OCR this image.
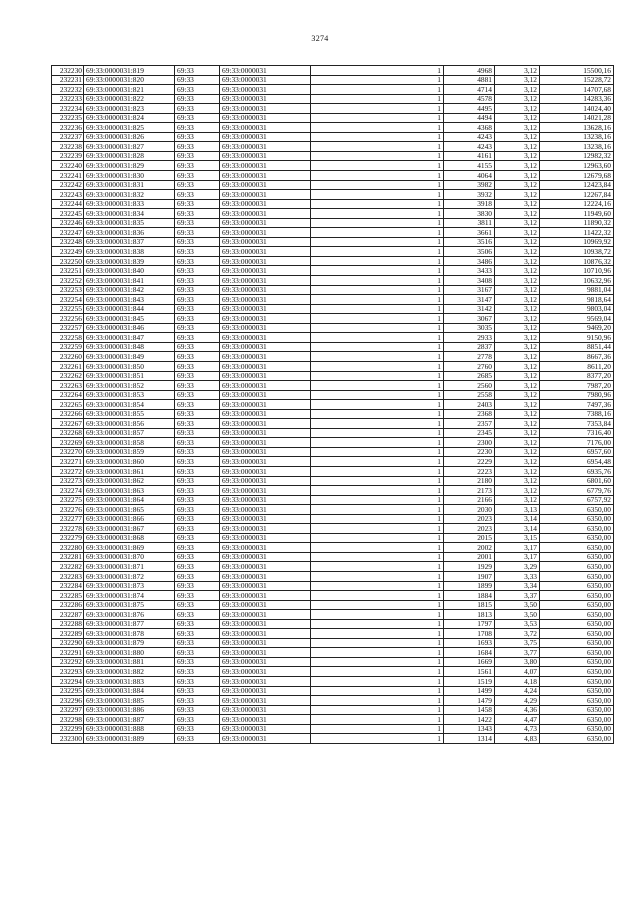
3274
232230	69:33:0000031:819	69:33	69:33:0000031	1	4968	3,12	15500,16
232231	69:33:0000031:820	69:33	69:33:0000031	1	4881	3,12	15228,72
232232	69:33:0000031:821	69:33	69:33:0000031	1	4714	3,12	14707,68
232233	69:33:0000031:822	69:33	69:33:0000031	1	4578	3,12	14283,36
232234	69:33:0000031:823	69:33	69:33:0000031	1	4495	3,12	14024,40
232235	69:33:0000031:824	69:33	69:33:0000031	1	4494	3,12	14021,28
232236	69:33:0000031:825	69:33	69:33:0000031	1	4368	3,12	13628,16
232237	69:33:0000031:826	69:33	69:33:0000031	1	4243	3,12	13238,16
232238	69:33:0000031:827	69:33	69:33:0000031	1	4243	3,12	13238,16
232239	69:33:0000031:828	69:33	69:33:0000031	1	4161	3,12	12982,32
232240	69:33:0000031:829	69:33	69:33:0000031	1	4155	3,12	12963,60
232241	69:33:0000031:830	69:33	69:33:0000031	1	4064	3,12	12679,68
232242	69:33:0000031:831	69:33	69:33:0000031	1	3982	3,12	12423,84
232243	69:33:0000031:832	69:33	69:33:0000031	1	3932	3,12	12267,84
232244	69:33:0000031:833	69:33	69:33:0000031	1	3918	3,12	12224,16
232245	69:33:0000031:834	69:33	69:33:0000031	1	3830	3,12	11949,60
232246	69:33:0000031:835	69:33	69:33:0000031	1	3811	3,12	11890,32
232247	69:33:0000031:836	69:33	69:33:0000031	1	3661	3,12	11422,32
232248	69:33:0000031:837	69:33	69:33:0000031	1	3516	3,12	10969,92
232249	69:33:0000031:838	69:33	69:33:0000031	1	3506	3,12	10938,72
232250	69:33:0000031:839	69:33	69:33:0000031	1	3486	3,12	10876,32
232251	69:33:0000031:840	69:33	69:33:0000031	1	3433	3,12	10710,96
232252	69:33:0000031:841	69:33	69:33:0000031	1	3408	3,12	10632,96
232253	69:33:0000031:842	69:33	69:33:0000031	1	3167	3,12	9881,04
232254	69:33:0000031:843	69:33	69:33:0000031	1	3147	3,12	9818,64
232255	69:33:0000031:844	69:33	69:33:0000031	1	3142	3,12	9803,04
232256	69:33:0000031:845	69:33	69:33:0000031	1	3067	3,12	9569,04
232257	69:33:0000031:846	69:33	69:33:0000031	1	3035	3,12	9469,20
232258	69:33:0000031:847	69:33	69:33:0000031	1	2933	3,12	9150,96
232259	69:33:0000031:848	69:33	69:33:0000031	1	2837	3,12	8851,44
232260	69:33:0000031:849	69:33	69:33:0000031	1	2778	3,12	8667,36
232261	69:33:0000031:850	69:33	69:33:0000031	1	2760	3,12	8611,20
232262	69:33:0000031:851	69:33	69:33:0000031	1	2685	3,12	8377,20
232263	69:33:0000031:852	69:33	69:33:0000031	1	2560	3,12	7987,20
232264	69:33:0000031:853	69:33	69:33:0000031	1	2558	3,12	7980,96
232265	69:33:0000031:854	69:33	69:33:0000031	1	2403	3,12	7497,36
232266	69:33:0000031:855	69:33	69:33:0000031	1	2368	3,12	7388,16
232267	69:33:0000031:856	69:33	69:33:0000031	1	2357	3,12	7353,84
232268	69:33:0000031:857	69:33	69:33:0000031	1	2345	3,12	7316,40
232269	69:33:0000031:858	69:33	69:33:0000031	1	2300	3,12	7176,00
232270	69:33:0000031:859	69:33	69:33:0000031	1	2230	3,12	6957,60
232271	69:33:0000031:860	69:33	69:33:0000031	1	2229	3,12	6954,48
232272	69:33:0000031:861	69:33	69:33:0000031	1	2223	3,12	6935,76
232273	69:33:0000031:862	69:33	69:33:0000031	1	2180	3,12	6801,60
232274	69:33:0000031:863	69:33	69:33:0000031	1	2173	3,12	6779,76
232275	69:33:0000031:864	69:33	69:33:0000031	1	2166	3,12	6757,92
232276	69:33:0000031:865	69:33	69:33:0000031	1	2030	3,13	6350,00
232277	69:33:0000031:866	69:33	69:33:0000031	1	2023	3,14	6350,00
232278	69:33:0000031:867	69:33	69:33:0000031	1	2023	3,14	6350,00
232279	69:33:0000031:868	69:33	69:33:0000031	1	2015	3,15	6350,00
232280	69:33:0000031:869	69:33	69:33:0000031	1	2002	3,17	6350,00
232281	69:33:0000031:870	69:33	69:33:0000031	1	2001	3,17	6350,00
232282	69:33:0000031:871	69:33	69:33:0000031	1	1929	3,29	6350,00
232283	69:33:0000031:872	69:33	69:33:0000031	1	1907	3,33	6350,00
232284	69:33:0000031:873	69:33	69:33:0000031	1	1899	3,34	6350,00
232285	69:33:0000031:874	69:33	69:33:0000031	1	1884	3,37	6350,00
232286	69:33:0000031:875	69:33	69:33:0000031	1	1815	3,50	6350,00
232287	69:33:0000031:876	69:33	69:33:0000031	1	1813	3,50	6350,00
232288	69:33:0000031:877	69:33	69:33:0000031	1	1797	3,53	6350,00
232289	69:33:0000031:878	69:33	69:33:0000031	1	1708	3,72	6350,00
232290	69:33:0000031:879	69:33	69:33:0000031	1	1693	3,75	6350,00
232291	69:33:0000031:880	69:33	69:33:0000031	1	1684	3,77	6350,00
232292	69:33:0000031:881	69:33	69:33:0000031	1	1669	3,80	6350,00
232293	69:33:0000031:882	69:33	69:33:0000031	1	1561	4,07	6350,00
232294	69:33:0000031:883	69:33	69:33:0000031	1	1519	4,18	6350,00
232295	69:33:0000031:884	69:33	69:33:0000031	1	1499	4,24	6350,00
232296	69:33:0000031:885	69:33	69:33:0000031	1	1479	4,29	6350,00
232297	69:33:0000031:886	69:33	69:33:0000031	1	1458	4,36	6350,00
232298	69:33:0000031:887	69:33	69:33:0000031	1	1422	4,47	6350,00
232299	69:33:0000031:888	69:33	69:33:0000031	1	1343	4,73	6350,00
232300	69:33:0000031:889	69:33	69:33:0000031	1	1314	4,83	6350,00
